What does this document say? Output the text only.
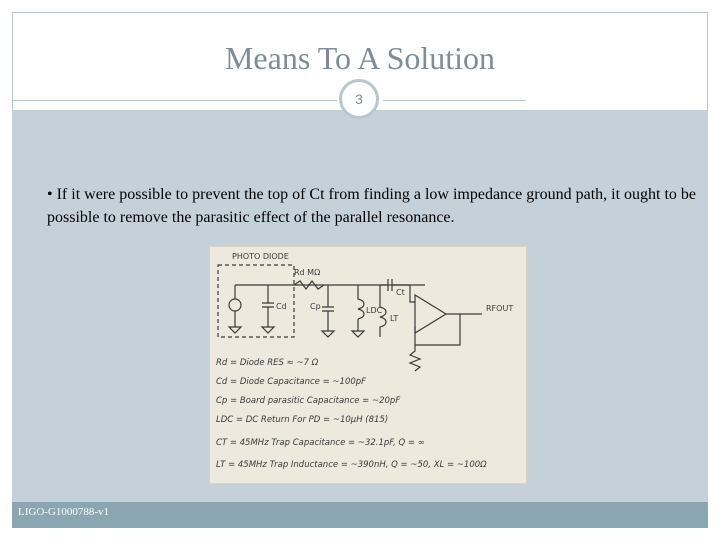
Means To A Solution
3
• If it were possible to prevent the top of Ct from finding a low impedance ground path, it ought to be possible to remove the parasitic effect of the parallel resonance.
PHOTO DIODE
Rd MΩ
Cd	Cp	LDC
LT
Ct
RFOUT
Rd = Diode RES ≈ ~7 Ω
Cd = Diode Capacitance = ~100pF
Cp = Board parasitic Capacitance = ~20pF
LDC = DC Return For PD = ~10μH (815)
CT = 45MHz Trap Capacitance = ~32.1pF, Q = ∞
LT = 45MHz Trap Inductance = ~390nH, Q = ~50, XL = ~100Ω
LIGO-G1000788-v1
